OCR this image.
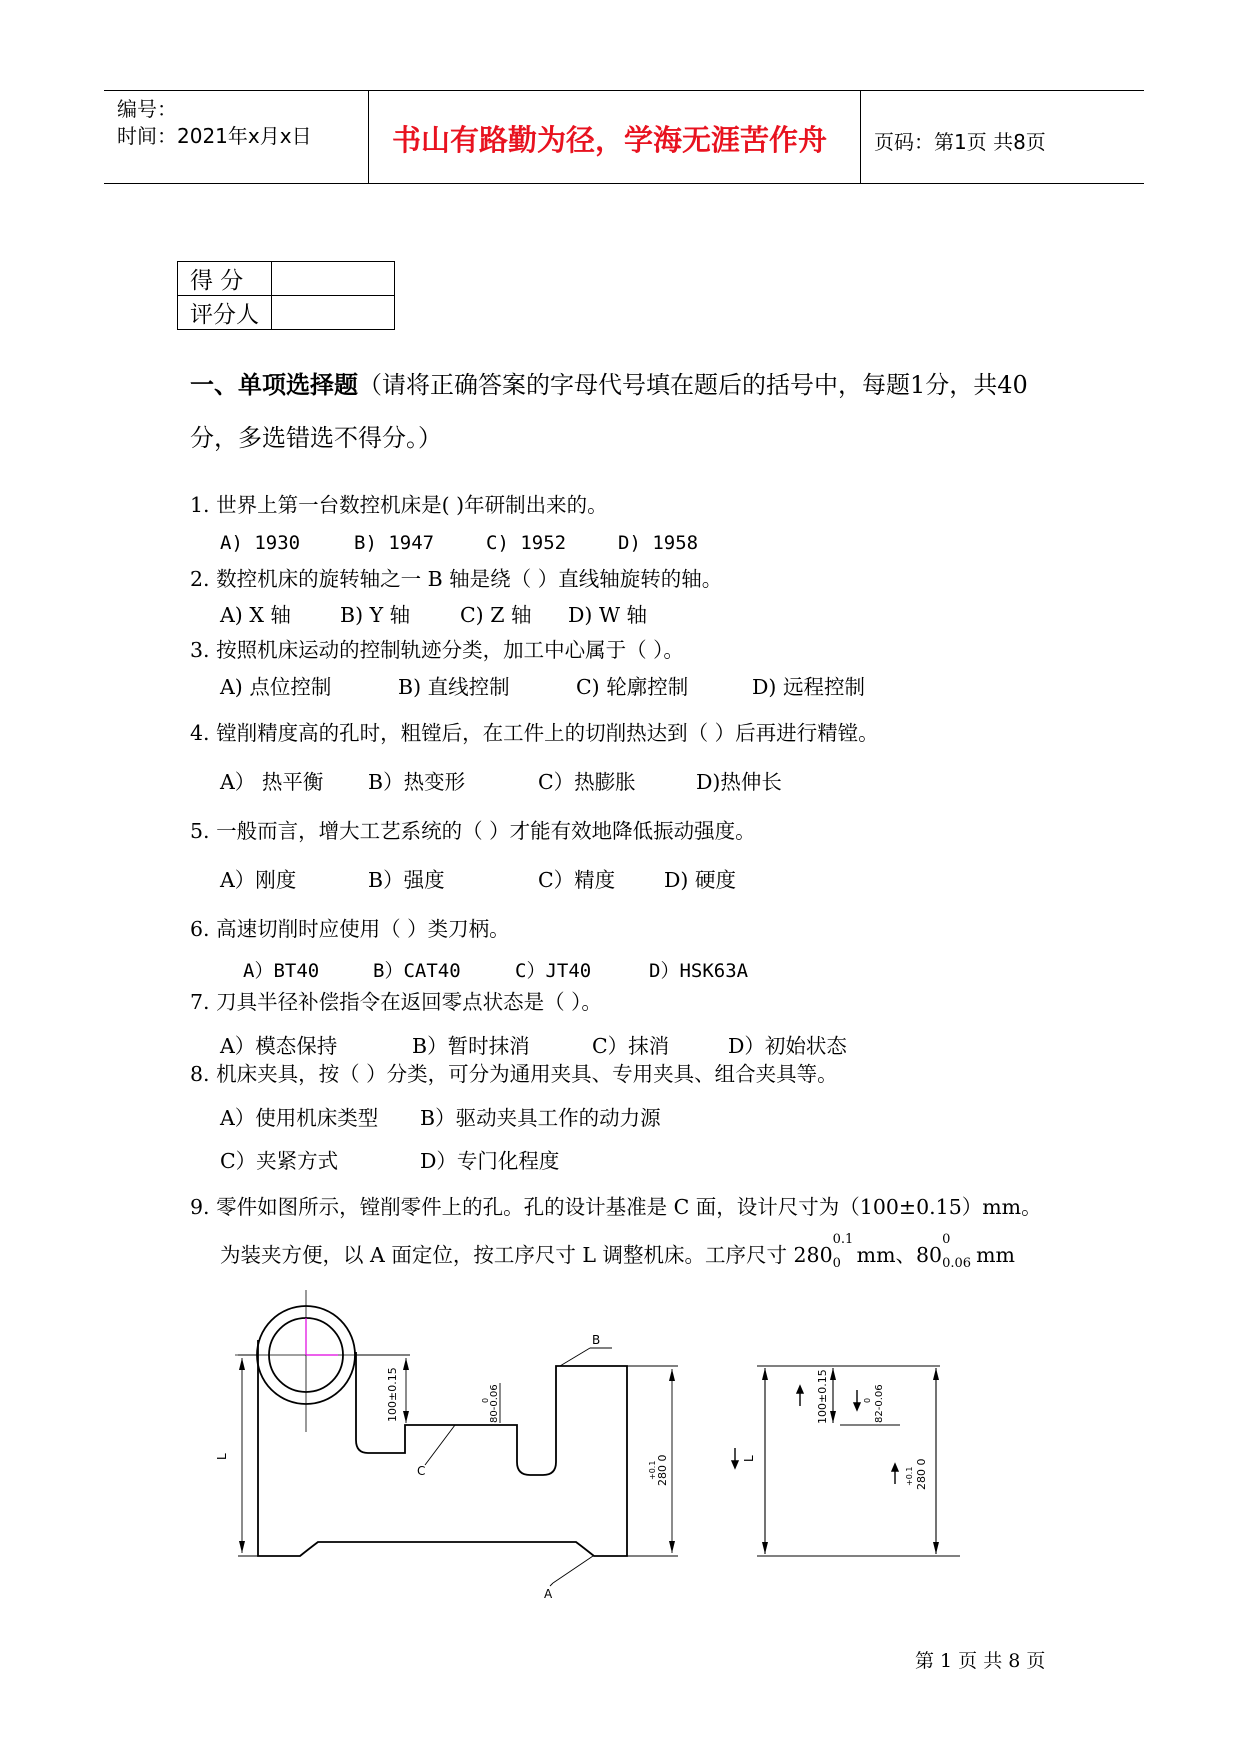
编号：
时间：2021年x月x日	书山有路勤为径，学海无涯苦作舟 页码：第1页 共8页
得 分	
评分人	
一、单项选择题（请将正确答案的字母代号填在题后的括号中，每题1分，共40
分，多选错选不得分。）
1. 世界上第一台数控机床是( )年研制出来的。
A) 1930	B) 1947	C) 1952	D) 1958
2. 数控机床的旋转轴之一 B 轴是绕（ ）直线轴旋转的轴。
A) X 轴 B) Y 轴 C) Z 轴 D) W 轴
3. 按照机床运动的控制轨迹分类，加工中心属于（ ）。
A) 点位控制	B) 直线控制	C) 轮廓控制	D) 远程控制
4. 镗削精度高的孔时，粗镗后，在工件上的切削热达到（ ）后再进行精镗。
A） 热平衡 B）热变形	C）热膨胀	D)热伸长
5. 一般而言，增大工艺系统的（ ）才能有效地降低振动强度。
A）刚度	B）强度	C）精度 D) 硬度
6. 高速切削时应使用（ ）类刀柄。
A）BT40	B）CAT40	C）JT40	D）HSK63A
7. 刀具半径补偿指令在返回零点状态是（ ）。
A）模态保持	B）暂时抹消	C）抹消	D）初始状态
8. 机床夹具，按（ ）分类，可分为通用夹具、专用夹具、组合夹具等。
A）使用机床类型 B）驱动夹具工作的动力源
C）夹紧方式	D）专门化程度
9. 零件如图所示，镗削零件上的孔。孔的设计基准是 C 面，设计尺寸为（100±0.15）mm。
为装夹方便，以 A 面定位，按工序尺寸 L 调整机床。工序尺寸 280
0.1
0 mm、80
0
0.06 mm
B
C
A
L
100±0.15	0 80-0.06
+0.1 280 0
100±0.15	0 82-0.06
L
+0.1 280 0
第 1 页 共 8 页
